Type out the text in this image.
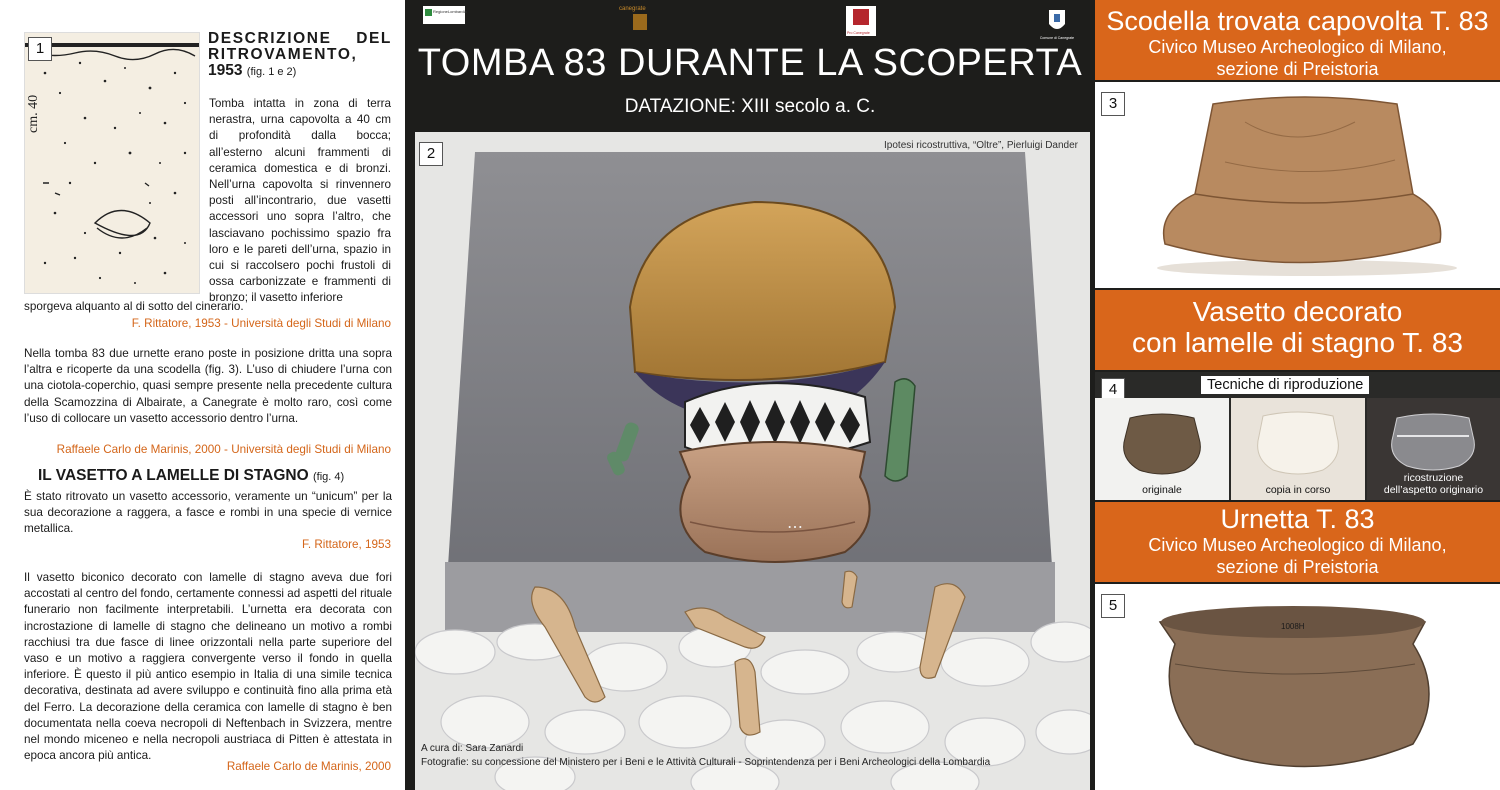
cm. 40
1
DESCRIZIONE DEL RITROVAMENTO,
1953 (fig. 1 e 2)
Tomba intatta in zona di terra nerastra, urna capovolta a 40 cm di profondità dalla bocca; all’esterno alcuni frammenti di ceramica domestica e di bronzi. Nell’urna capovolta si rinvennero posti all’incontrario, due vasetti accessori uno sopra l’altro, che lasciavano pochissimo spazio fra loro e le pareti dell’urna, spazio in cui si raccolsero pochi frustoli di ossa carbonizzate e frammenti di bronzo; il vasetto inferiore
sporgeva alquanto al di sotto del cinerario.
F. Rittatore, 1953 - Università degli Studi di Milano
Nella tomba 83 due urnette erano poste in posizione dritta una sopra l’altra e ricoperte da una scodella (fig. 3). L’uso di chiudere l’urna con una ciotola-coperchio, quasi sempre presente nella precedente cultura della Scamozzina di Albairate, a Canegrate è molto raro, così come l’uso di collocare un vasetto accessorio dentro l’urna.
Raffaele Carlo de Marinis, 2000 - Università degli Studi di Milano
IL VASETTO A LAMELLE DI STAGNO (fig. 4)
È stato ritrovato un vasetto accessorio, veramente un “unicum” per la sua decorazione a raggera, a fasce e rombi in una specie di vernice metallica.
F. Rittatore, 1953
Il vasetto biconico decorato con lamelle di stagno aveva due fori accostati al centro del fondo, certamente connessi ad aspetti del rituale funerario non facilmente interpretabili. L’urnetta era decorata con incrostazione di lamelle di stagno che delineano un motivo a rombi racchiusi tra due fasce di linee orizzontali nella parte superiore del vaso e un motivo a raggiera convergente verso il fondo in quella inferiore. È questo il più antico esempio in Italia di una simile tecnica decorativa, destinata ad avere sviluppo e continuità fino alla prima età del Ferro. La decorazione della ceramica con lamelle di stagno è ben documentata nella coeva necropoli di Neftenbach in Svizzera, mentre nel mondo miceneo e nella necropoli austriaca di Pitten è attestata in epoca ancora più antica.
Raffaele Carlo de Marinis, 2000
RegioneLombardia	canegrate
Pro Canegrate
Comune di Canegrate
TOMBA 83 DURANTE LA SCOPERTA
DATAZIONE: XIII secolo a. C.
⋯
2	Ipotesi ricostruttiva, “Oltre”, Pierluigi Dander
A cura di: Sara Zanardi
Fotografie: su concessione del Ministero per i Beni e le Attività Culturali - Soprintendenza per i Beni Archeologici della Lombardia
Scodella trovata capovolta T. 83
Civico Museo Archeologico di Milano,
sezione di Preistoria
3
Vasetto decorato
con lamelle di stagno T. 83
4	Tecniche di riproduzione
originale	copia in corso
ricostruzione
dell’aspetto originario
Urnetta T. 83
Civico Museo Archeologico di Milano,
sezione di Preistoria
1008H
5
